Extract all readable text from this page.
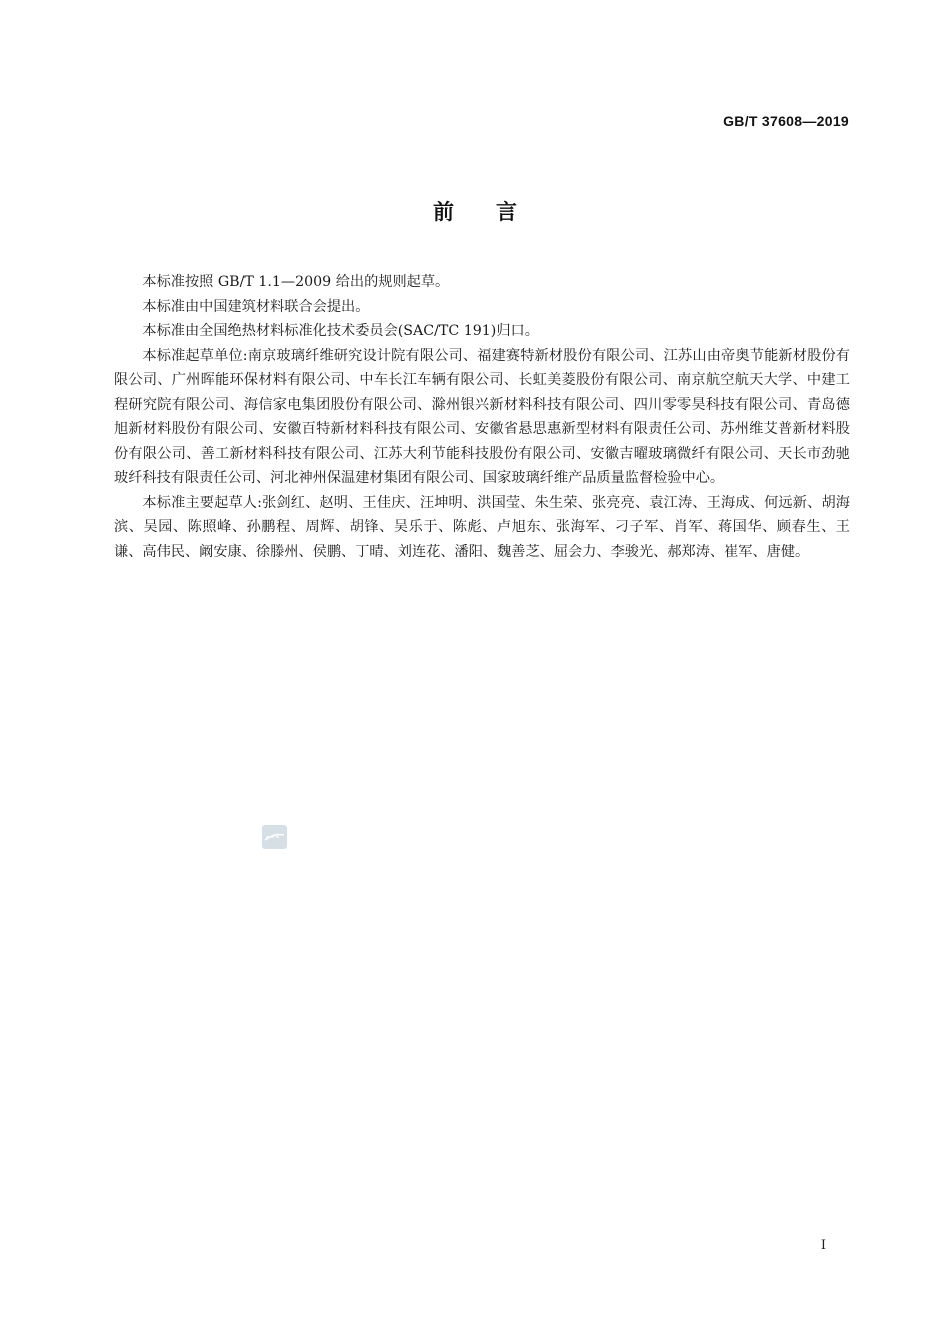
GB/T 37608—2019
前言

本标准按照 GB/T 1.1—2009 给出的规则起草。

本标准由中国建筑材料联合会提出。

本标准由全国绝热材料标准化技术委员会(SAC/TC 191)归口。

本标准起草单位:南京玻璃纤维研究设计院有限公司、福建赛特新材股份有限公司、江苏山由帝奥节能新材股份有限公司、广州晖能环保材料有限公司、中车长江车辆有限公司、长虹美菱股份有限公司、南京航空航天大学、中建工程研究院有限公司、海信家电集团股份有限公司、滁州银兴新材料科技有限公司、四川零零昊科技有限公司、青岛德旭新材料股份有限公司、安徽百特新材料科技有限公司、安徽省悬思惠新型材料有限责任公司、苏州维艾普新材料股份有限公司、善工新材料科技有限公司、江苏大利节能科技股份有限公司、安徽吉曜玻璃微纤有限公司、天长市劲驰玻纤科技有限责任公司、河北神州保温建材集团有限公司、国家玻璃纤维产品质量监督检验中心。

本标准主要起草人:张剑红、赵明、王佳庆、汪坤明、洪国莹、朱生荣、张亮亮、袁江涛、王海成、何远新、胡海滨、吴园、陈照峰、孙鹏程、周辉、胡锋、吴乐于、陈彪、卢旭东、张海军、刁子军、肖军、蒋国华、顾春生、王谦、高伟民、阚安康、徐滕州、侯鹏、丁晴、刘连花、潘阳、魏善芝、屈会力、李骏光、郝郑涛、崔军、唐健。

I
